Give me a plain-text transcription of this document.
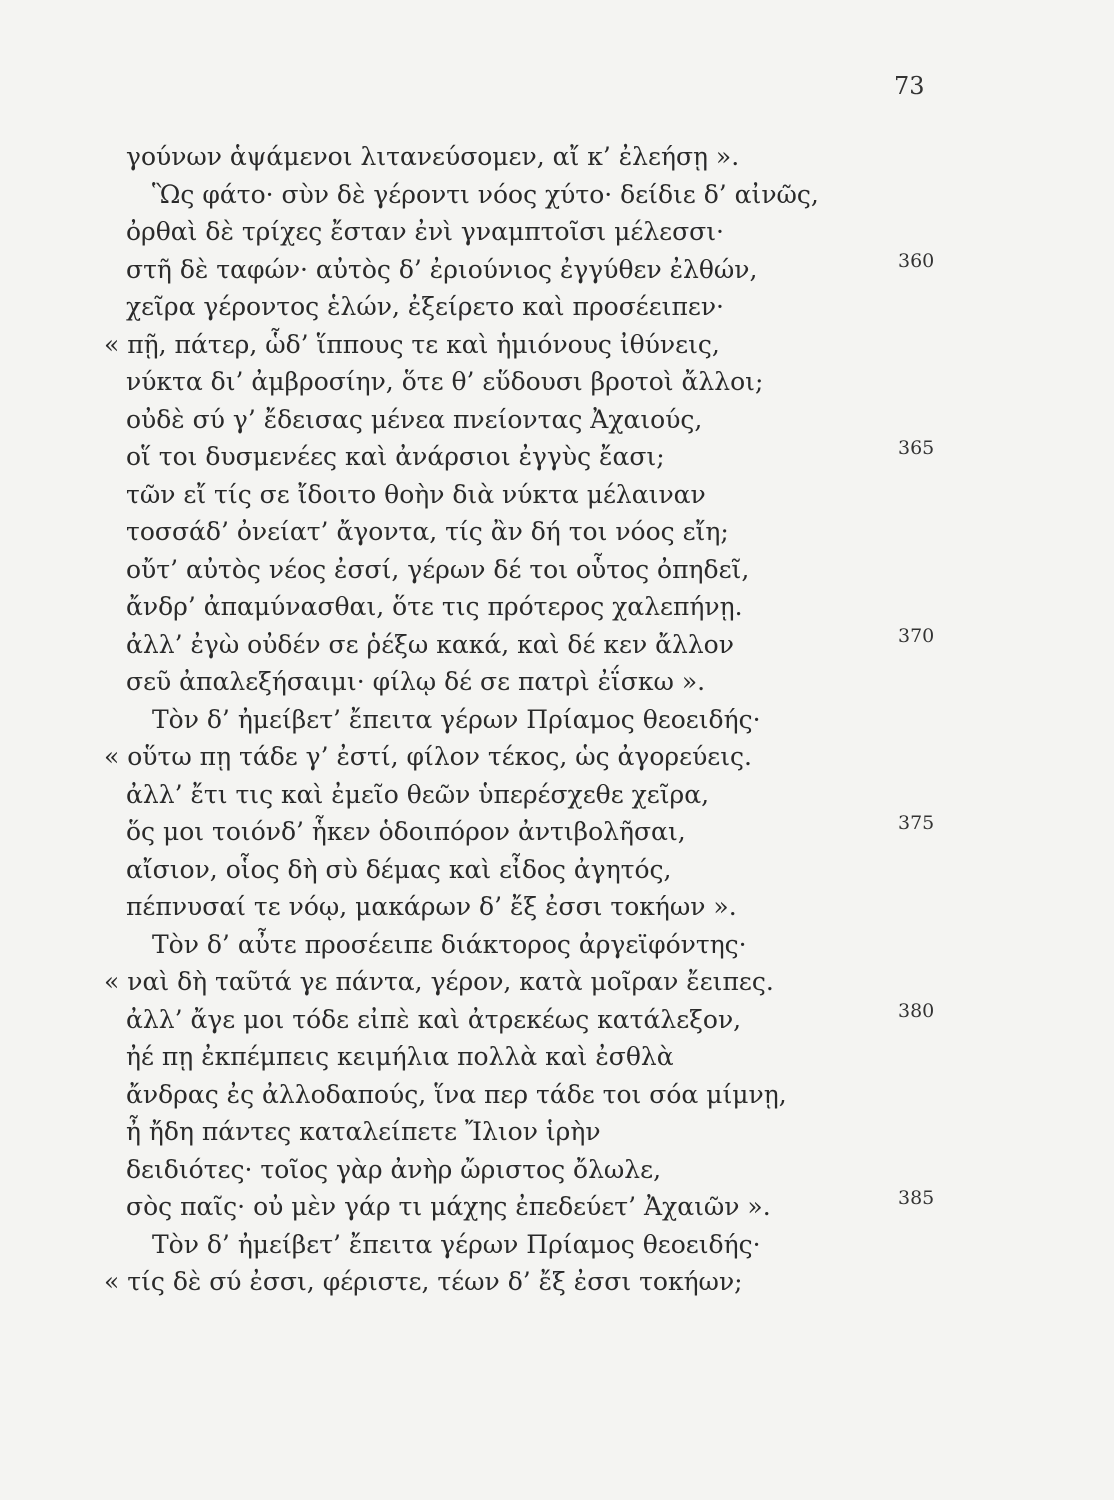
73
γούνων ἁψάμενοι λιτανεύσομεν, αἴ κ’ ἐλεήσῃ ».
Ὣς φάτο· σὺν δὲ γέροντι νόος χύτο· δείδιε δ’ αἰνῶς,
ὀρθαὶ δὲ τρίχες ἔσταν ἐνὶ γναμπτοῖσι μέλεσσι·
στῆ δὲ ταφών· αὐτὸς δ’ ἐριούνιος ἐγγύθεν ἐλθών,	360
χεῖρα γέροντος ἑλών, ἐξείρετο καὶ προσέειπεν·
« πῇ, πάτερ, ὧδ’ ἵππους τε καὶ ἡμιόνους ἰθύνεις,
νύκτα δι’ ἀμβροσίην, ὅτε θ’ εὕδουσι βροτοὶ ἄλλοι;
οὐδὲ σύ γ’ ἔδεισας μένεα πνείοντας Ἀχαιούς,
οἵ τοι δυσμενέες καὶ ἀνάρσιοι ἐγγὺς ἔασι;	365
τῶν εἴ τίς σε ἴδοιτο θοὴν διὰ νύκτα μέλαιναν
τοσσάδ’ ὀνείατ’ ἄγοντα, τίς ἂν δή τοι νόος εἴη;
οὔτ’ αὐτὸς νέος ἐσσί, γέρων δέ τοι οὗτος ὀπηδεῖ,
ἄνδρ’ ἀπαμύνασθαι, ὅτε τις πρότερος χαλεπήνῃ.
ἀλλ’ ἐγὼ οὐδέν σε ῥέξω κακά, καὶ δέ κεν ἄλλον	370
σεῦ ἀπαλεξήσαιμι· φίλῳ δέ σε πατρὶ ἐΐσκω ».
Τὸν δ’ ἠμείβετ’ ἔπειτα γέρων Πρίαμος θεοειδής·
« οὕτω πῃ τάδε γ’ ἐστί, φίλον τέκος, ὡς ἀγορεύεις.
ἀλλ’ ἔτι τις καὶ ἐμεῖο θεῶν ὑπερέσχεθε χεῖρα,
ὅς μοι τοιόνδ’ ἧκεν ὁδοιπόρον ἀντιβολῆσαι,	375
αἴσιον, οἷος δὴ σὺ δέμας καὶ εἶδος ἀγητός,
πέπνυσαί τε νόῳ, μακάρων δ’ ἔξ ἐσσι τοκήων ».
Τὸν δ’ αὖτε προσέειπε διάκτορος ἀργεϊφόντης·
« ναὶ δὴ ταῦτά γε πάντα, γέρον, κατὰ μοῖραν ἔειπες.
ἀλλ’ ἄγε μοι τόδε εἰπὲ καὶ ἀτρεκέως κατάλεξον,	380
ἠέ πῃ ἐκπέμπεις κειμήλια πολλὰ καὶ ἐσθλὰ
ἄνδρας ἐς ἀλλοδαπούς, ἵνα περ τάδε τοι σόα μίμνῃ,
ἦ ἤδη πάντες καταλείπετε Ἴλιον ἱρὴν
δειδιότες· τοῖος γὰρ ἀνὴρ ὤριστος ὄλωλε,
σὸς παῖς· οὐ μὲν γάρ τι μάχης ἐπεδεύετ’ Ἀχαιῶν ».	385
Τὸν δ’ ἠμείβετ’ ἔπειτα γέρων Πρίαμος θεοειδής·
« τίς δὲ σύ ἐσσι, φέριστε, τέων δ’ ἔξ ἐσσι τοκήων;
